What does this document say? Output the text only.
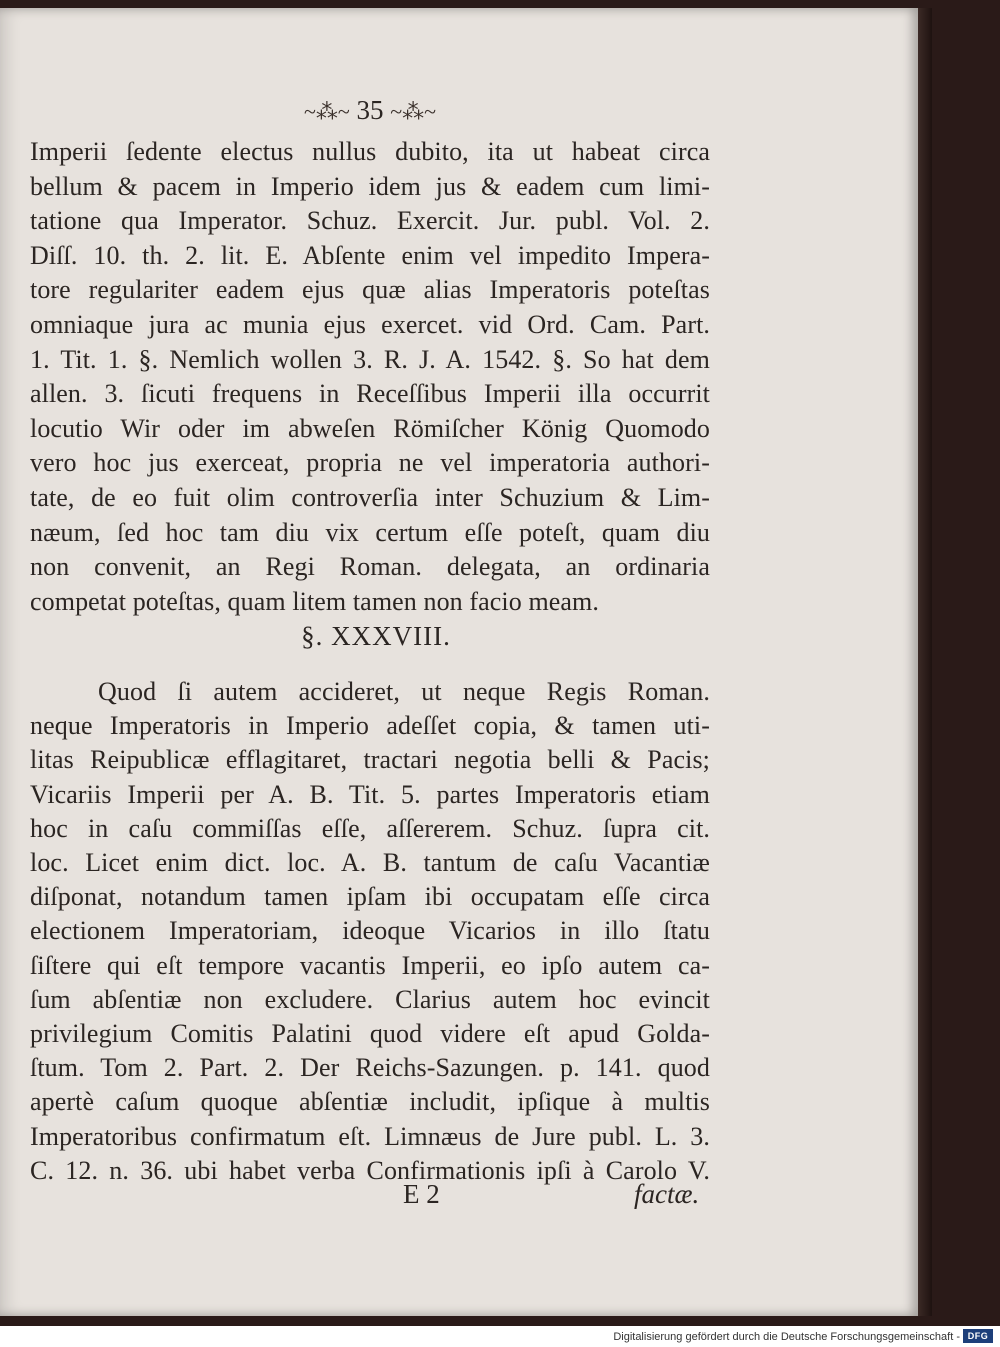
~⁂~ 35 ~⁂~
Imperii ſedente electus nullus dubito, ita ut habeat circa
bellum & pacem in Imperio idem jus & eadem cum limi-
tatione qua Imperator. Schuz. Exercit. Jur. publ. Vol. 2.
Diſſ. 10. th. 2. lit. E. Abſente enim vel impedito Impera-
tore regulariter eadem ejus quæ alias Imperatoris poteſtas
omniaque jura ac munia ejus exercet. vid Ord. Cam. Part.
1. Tit. 1. §. Nemlich wollen 3. R. J. A. 1542. §. So hat dem
allen. 3. ſicuti frequens in Receſſibus Imperii illa occurrit
locutio Wir oder im abweſen Römiſcher König Quomodo
vero hoc jus exerceat, propria ne vel imperatoria authori-
tate, de eo fuit olim controverſia inter Schuzium & Lim-
næum, ſed hoc tam diu vix certum eſſe poteſt, quam diu
non convenit, an Regi Roman. delegata, an ordinaria
competat poteſtas, quam litem tamen non facio meam.
§. XXXVIII.
Quod ſi autem accideret, ut neque Regis Roman.
neque Imperatoris in Imperio adeſſet copia, & tamen uti-
litas Reipublicæ efflagitaret, tractari negotia belli & Pacis;
Vicariis Imperii per A. B. Tit. 5. partes Imperatoris etiam
hoc in caſu commiſſas eſſe, aſſererem. Schuz. ſupra cit.
loc. Licet enim dict. loc. A. B. tantum de caſu Vacantiæ
diſponat, notandum tamen ipſam ibi occupatam eſſe circa
electionem Imperatoriam, ideoque Vicarios in illo ſtatu
ſiſtere qui eſt tempore vacantis Imperii, eo ipſo autem ca-
ſum abſentiæ non excludere. Clarius autem hoc evincit
privilegium Comitis Palatini quod videre eſt apud Golda-
ſtum. Tom 2. Part. 2. Der Reichs-Sazungen. p. 141. quod
apertè caſum quoque abſentiæ includit, ipſique à multis
Imperatoribus confirmatum eſt. Limnæus de Jure publ. L. 3.
C. 12. n. 36. ubi habet verba Confirmationis ipſi à Carolo V.
E 2	factæ.
Digitalisierung gefördert durch die Deutsche Forschungsgemeinschaft - DFG
